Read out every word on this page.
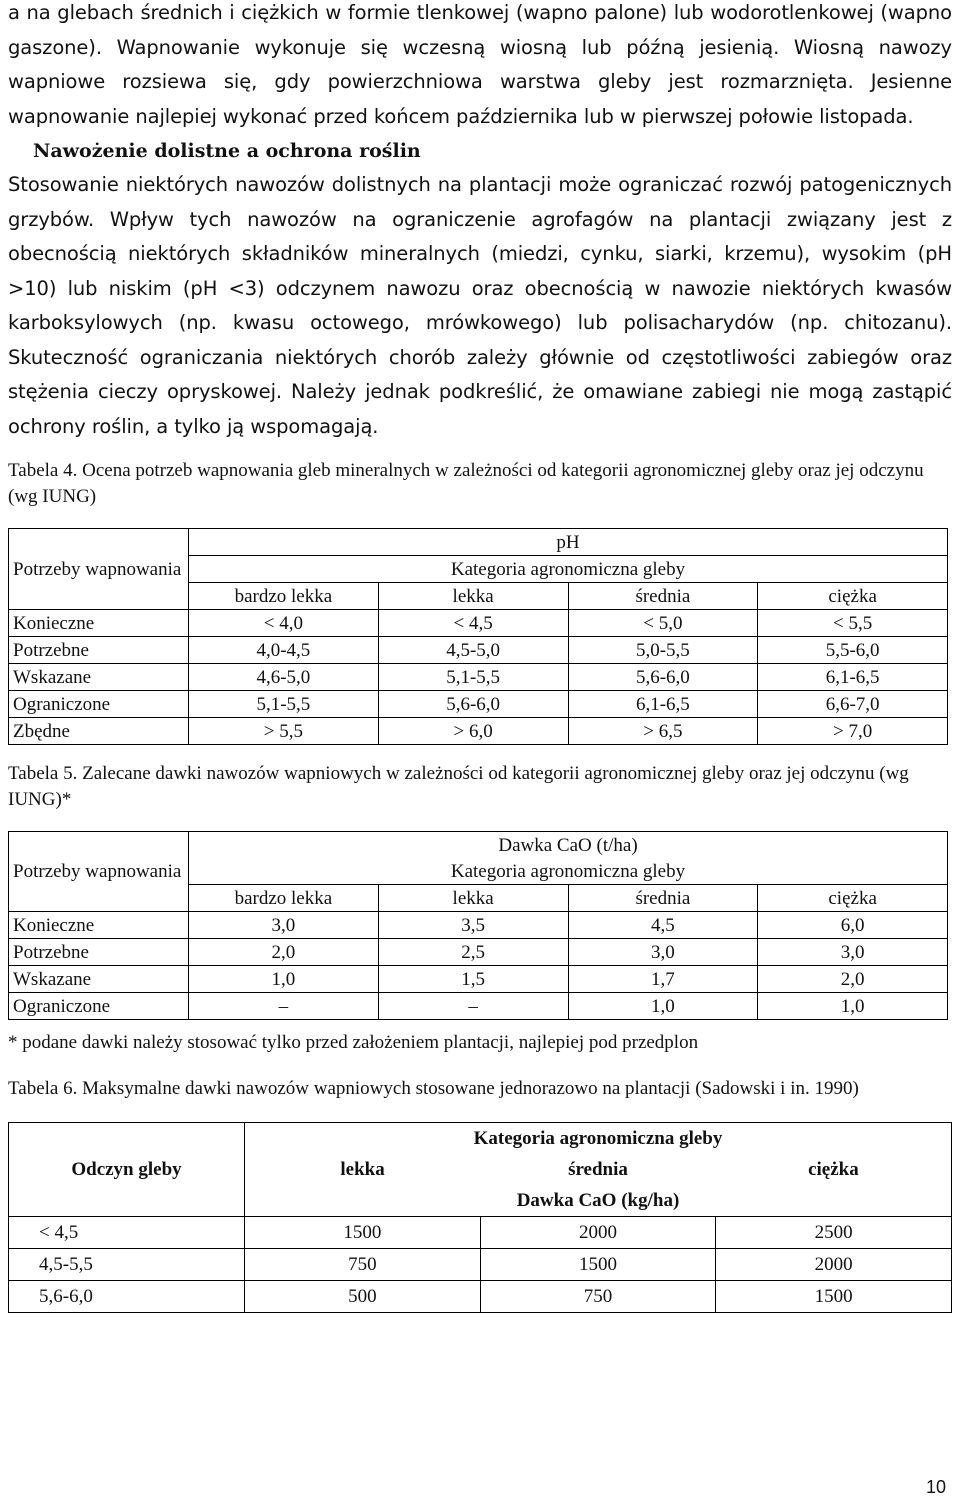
a na glebach średnich i ciężkich w formie tlenkowej (wapno palone) lub wodorotlenkowej (wapno gaszone). Wapnowanie wykonuje się wczesną wiosną lub późną jesienią. Wiosną nawozy wapniowe rozsiewa się, gdy powierzchniowa warstwa gleby jest rozmarznięta. Jesienne wapnowanie najlepiej wykonać przed końcem października lub w pierwszej połowie listopada.

Nawożenie dolistne a ochrona roślin

Stosowanie niektórych nawozów dolistnych na plantacji może ograniczać rozwój patogenicznych grzybów. Wpływ tych nawozów na ograniczenie agrofagów na plantacji związany jest z obecnością niektórych składników mineralnych (miedzi, cynku, siarki, krzemu), wysokim (pH >10) lub niskim (pH <3) odczynem nawozu oraz obecnością w nawozie niektórych kwasów karboksylowych (np. kwasu octowego, mrówkowego) lub polisacharydów (np. chitozanu). Skuteczność ograniczania niektórych chorób zależy głównie od częstotliwości zabiegów oraz stężenia cieczy opryskowej. Należy jednak podkreślić, że omawiane zabiegi nie mogą zastąpić ochrony roślin, a tylko ją wspomagają.

Tabela 4. Ocena potrzeb wapnowania gleb mineralnych w zależności od kategorii agronomicznej gleby oraz jej odczynu (wg IUNG)

Potrzeby wapnowania	pH			
	Kategoria agronomiczna gleby			
	bardzo lekka	lekka	średnia	ciężka
Konieczne	< 4,0	< 4,5	< 5,0	< 5,5
Potrzebne	4,0-4,5	4,5-5,0	5,0-5,5	5,5-6,0
Wskazane	4,6-5,0	5,1-5,5	5,6-6,0	6,1-6,5
Ograniczone	5,1-5,5	5,6-6,0	6,1-6,5	6,6-7,0
Zbędne	> 5,5	> 6,0	> 6,5	> 7,0

Tabela 5. Zalecane dawki nawozów wapniowych w zależności od kategorii agronomicznej gleby oraz jej odczynu (wg IUNG)*

Potrzeby wapnowania	Dawka CaO (t/ha)			
	Kategoria agronomiczna gleby			
	bardzo lekka	lekka	średnia	ciężka
Konieczne	3,0	3,5	4,5	6,0
Potrzebne	2,0	2,5	3,0	3,0
Wskazane	1,0	1,5	1,7	2,0
Ograniczone	–	–	1,0	1,0

* podane dawki należy stosować tylko przed założeniem plantacji, najlepiej pod przedplon

Tabela 6. Maksymalne dawki nawozów wapniowych stosowane jednorazowo na plantacji (Sadowski i in. 1990)

Odczyn gleby	Kategoria agronomiczna gleby		
	lekka	średnia	ciężka
	Dawka CaO (kg/ha)		
< 4,5	1500	2000	2500
4,5-5,5	750	1500	2000
5,6-6,0	500	750	1500
10
